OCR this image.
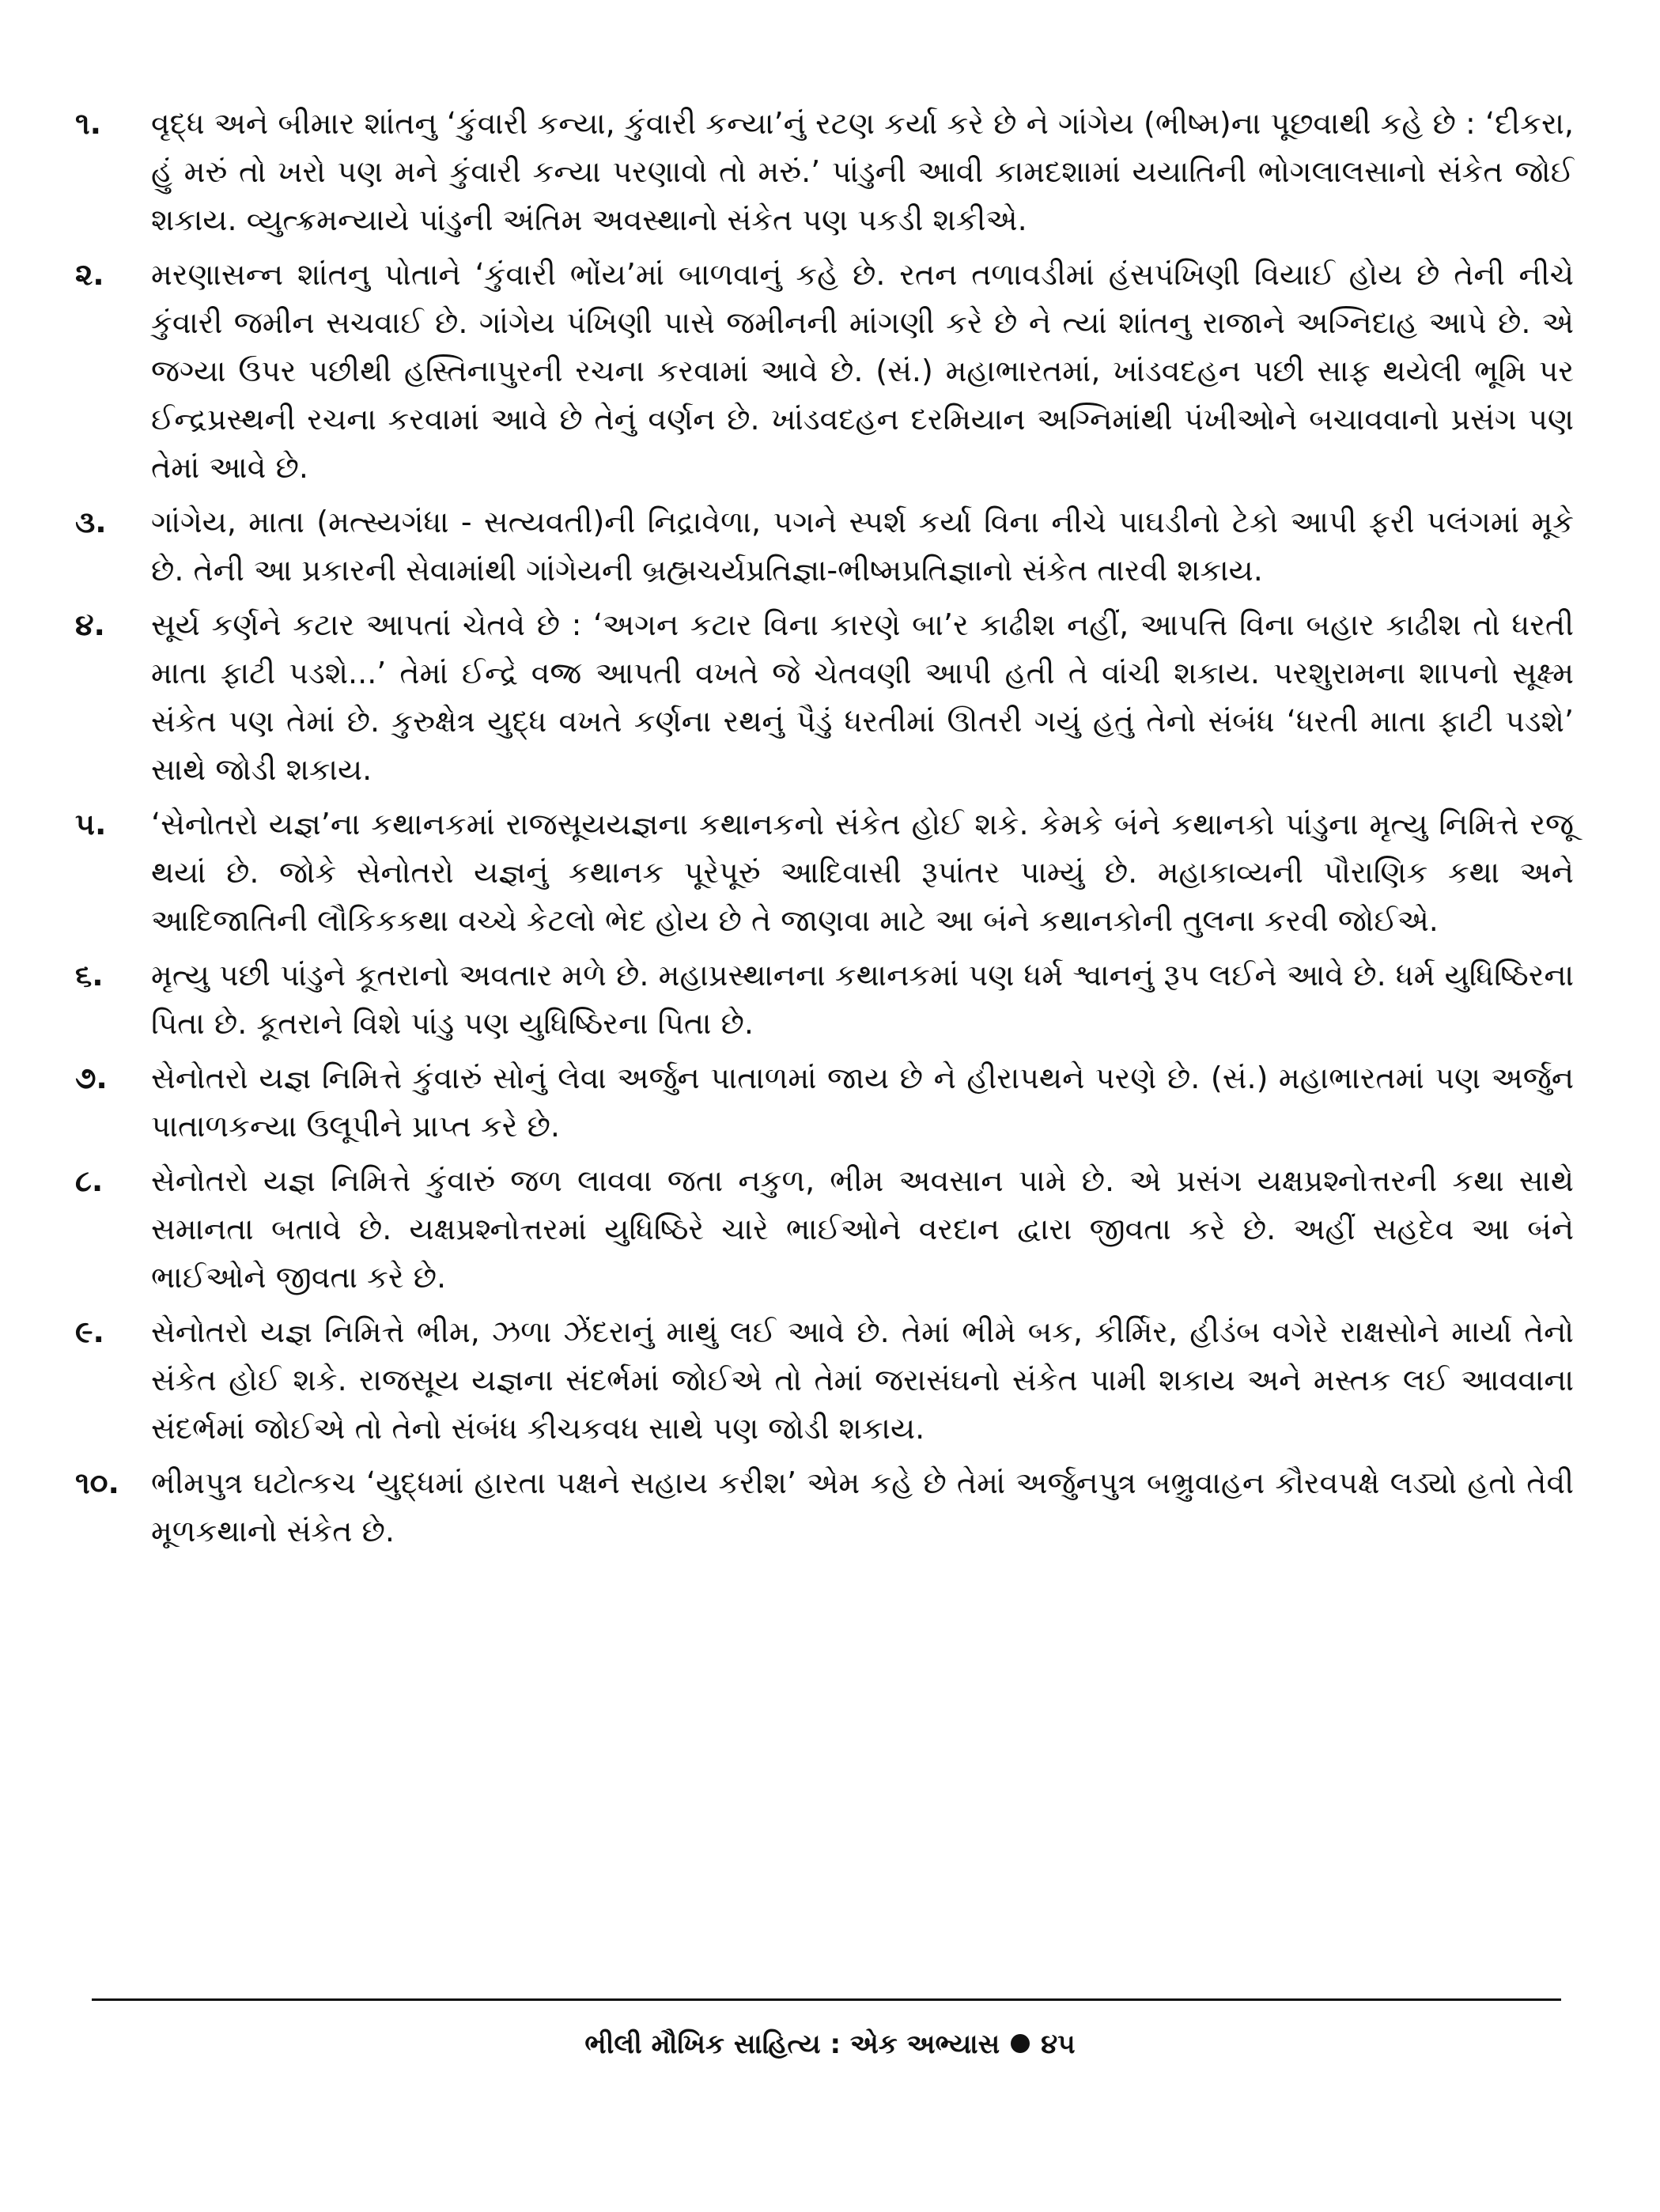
૧.	વૃદ્ધ અને બીમાર શાંતનુ ‘કુંવારી કન્યા, કુંવારી કન્યા’નું રટણ કર્યા કરે છે ને ગાંગેય (ભીષ્મ)ના પૂછવાથી કહે છે : ‘દીકરા, હું મરું તો ખરો પણ મને કુંવારી કન્યા પરણાવો તો મરું.’ પાંડુની આવી કામદશામાં યયાતિની ભોગલાલસાનો સંકેત જોઈ શકાય. વ્યુત્ક્રમન્યાયે પાંડુની અંતિમ અવસ્થાનો સંકેત પણ પકડી શકીએ.
૨.	મરણાસન્ન શાંતનુ પોતાને ‘કુંવારી ભોંય’માં બાળવાનું કહે છે. રતન તળાવડીમાં હંસપંખિણી વિયાઈ હોય છે તેની નીચે કુંવારી જમીન સચવાઈ છે. ગાંગેય પંખિણી પાસે જમીનની માંગણી કરે છે ને ત્યાં શાંતનુ રાજાને અગ્નિદાહ આપે છે. એ જગ્યા ઉપર પછીથી હસ્તિનાપુરની રચના કરવામાં આવે છે. (સં.) મહાભારતમાં, ખાંડવદહન પછી સાફ થયેલી ભૂમિ પર ઈન્દ્રપ્રસ્થની રચના કરવામાં આવે છે તેનું વર્ણન છે. ખાંડવદહન દરમિયાન અગ્નિમાંથી પંખીઓને બચાવવાનો પ્રસંગ પણ તેમાં આવે છે.
૩.	ગાંગેય, માતા (મત્સ્યગંધા - સત્યવતી)ની નિદ્રાવેળા, પગને સ્પર્શ કર્યા વિના નીચે પાઘડીનો ટેકો આપી ફરી પલંગમાં મૂકે છે. તેની આ પ્રકારની સેવામાંથી ગાંગેયની બ્રહ્મચર્યપ્રતિજ્ઞા-ભીષ્મપ્રતિજ્ઞાનો સંકેત તારવી શકાય.
૪.	સૂર્ય કર્ણને કટાર આપતાં ચેતવે છે : ‘અગન કટાર વિના કારણે બા’ર કાઢીશ નહીં, આપત્તિ વિના બહાર કાઢીશ તો ધરતી માતા ફાટી પડશે...’ તેમાં ઈન્દ્રે વજ્ર આપતી વખતે જે ચેતવણી આપી હતી તે વાંચી શકાય. પરશુરામના શાપનો સૂક્ષ્મ સંકેત પણ તેમાં છે. કુરુક્ષેત્ર યુદ્ધ વખતે કર્ણના રથનું પૈડું ધરતીમાં ઊતરી ગયું હતું તેનો સંબંધ ‘ધરતી માતા ફાટી પડશે’ સાથે જોડી શકાય.
૫.	‘સેનોતરો યજ્ઞ’ના કથાનકમાં રાજસૂયયજ્ઞના કથાનકનો સંકેત હોઈ શકે. કેમકે બંને કથાનકો પાંડુના મૃત્યુ નિમિત્તે રજૂ થયાં છે. જોકે સેનોતરો યજ્ઞનું કથાનક પૂરેપૂરું આદિવાસી રૂપાંતર પામ્યું છે. મહાકાવ્યની પૌરાણિક કથા અને આદિજાતિની લૌકિકકથા વચ્ચે કેટલો ભેદ હોય છે તે જાણવા માટે આ બંને કથાનકોની તુલના કરવી જોઈએ.
૬.	મૃત્યુ પછી પાંડુને કૂતરાનો અવતાર મળે છે. મહાપ્રસ્થાનના કથાનકમાં પણ ધર્મ શ્વાનનું રૂપ લઈને આવે છે. ધર્મ યુધિષ્ઠિરના પિતા છે. કૂતરાને વિશે પાંડુ પણ યુધિષ્ઠિરના પિતા છે.
૭.	સેનોતરો યજ્ઞ નિમિત્તે કુંવારું સોનું લેવા અર્જુન પાતાળમાં જાય છે ને હીરાપથને પરણે છે. (સં.) મહાભારતમાં પણ અર્જુન પાતાળકન્યા ઉલૂપીને પ્રાપ્ત કરે છે.
૮.	સેનોતરો યજ્ઞ નિમિત્તે કુંવારું જળ લાવવા જતા નકુળ, ભીમ અવસાન પામે છે. એ પ્રસંગ યક્ષપ્રશ્નોત્તરની કથા સાથે સમાનતા બતાવે છે. યક્ષપ્રશ્નોત્તરમાં યુધિષ્ઠિરે ચારે ભાઈઓને વરદાન દ્વારા જીવતા કરે છે. અહીં સહદેવ આ બંને ભાઈઓને જીવતા કરે છે.
૯.	સેનોતરો યજ્ઞ નિમિત્તે ભીમ, ઝળા ઝેંદરાનું માથું લઈ આવે છે. તેમાં ભીમે બક, કીર્મિર, હીડંબ વગેરે રાક્ષસોને માર્યા તેનો સંકેત હોઈ શકે. રાજસૂય યજ્ઞના સંદર્ભમાં જોઈએ તો તેમાં જરાસંઘનો સંકેત પામી શકાય અને મસ્તક લઈ આવવાના સંદર્ભમાં જોઈએ તો તેનો સંબંધ કીચકવધ સાથે પણ જોડી શકાય.
૧૦.	ભીમપુત્ર ઘટોત્કચ ‘યુદ્ધમાં હારતા પક્ષને સહાય કરીશ’ એમ કહે છે તેમાં અર્જુનપુત્ર બભ્રુવાહન કૌરવપક્ષે લડ્યો હતો તેવી મૂળકથાનો સંકેત છે.
ભીલી મૌખિક સાહિત્ય : એક અભ્યાસ ૪૫
